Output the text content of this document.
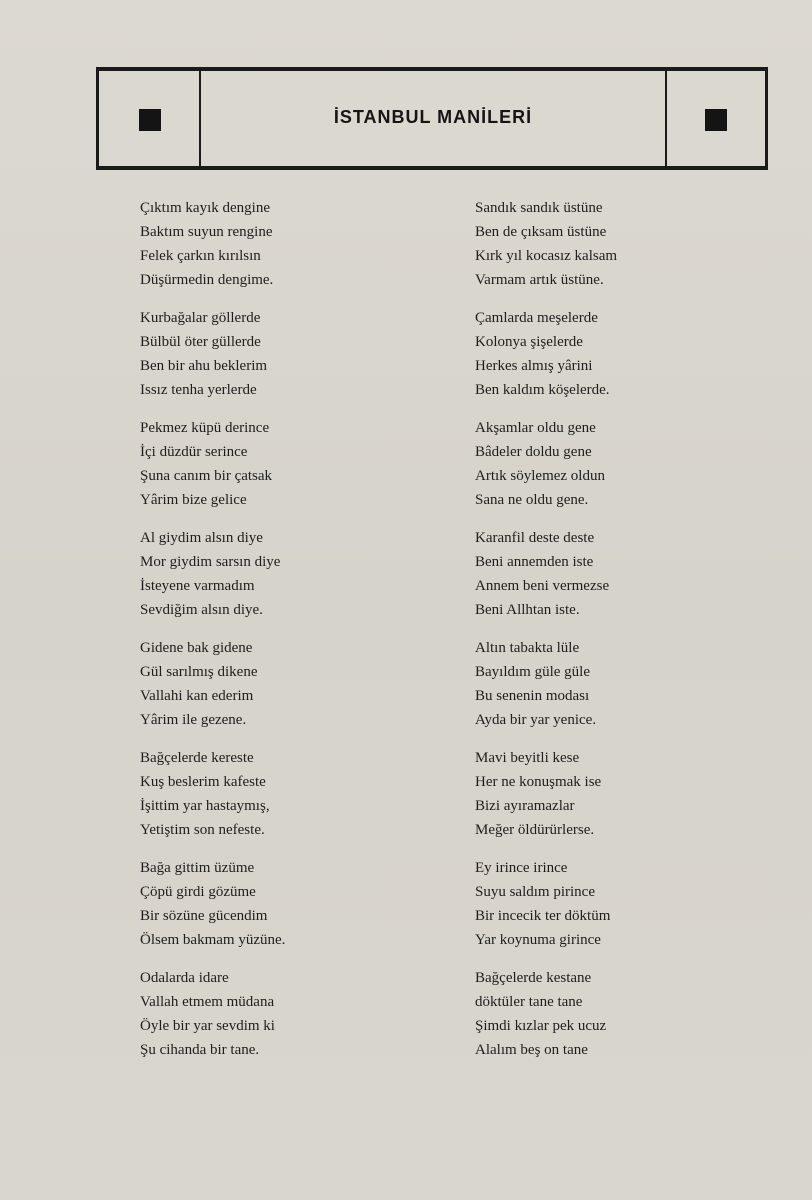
İSTANBUL MANİLERİ
Çıktım kayık dengine
Baktım suyun rengine
Felek çarkın kırılsın
Düşürmedin dengime.
Kurbağalar göllerde
Bülbül öter güllerde
Ben bir ahu beklerim
Issız tenha yerlerde
Pekmez küpü derince
İçi düzdür serince
Şuna canım bir çatsak
Yârim bize gelice
Al giydim alsın diye
Mor giydim sarsın diye
İsteyene varmadım
Sevdiğim alsın diye.
Gidene bak gidene
Gül sarılmış dikene
Vallahi kan ederim
Yârim ile gezene.
Bağçelerde kereste
Kuş beslerim kafeste
İşittim yar hastaymış,
Yetiştim son nefeste.
Bağa gittim üzüme
Çöpü girdi gözüme
Bir sözüne gücendim
Ölsem bakmam yüzüne.
Odalarda idare
Vallah etmem müdana
Öyle bir yar sevdim ki
Şu cihanda bir tane.
Sandık sandık üstüne
Ben de çıksam üstüne
Kırk yıl kocasız kalsam
Varmam artık üstüne.
Çamlarda meşelerde
Kolonya şişelerde
Herkes almış yârini
Ben kaldım köşelerde.
Akşamlar oldu gene
Bâdeler doldu gene
Artık söylemez oldun
Sana ne oldu gene.
Karanfil deste deste
Beni annemden iste
Annem beni vermezse
Beni Allhtan iste.
Altın tabakta lüle
Bayıldım güle güle
Bu senenin modası
Ayda bir yar yenice.
Mavi beyitli kese
Her ne konuşmak ise
Bizi ayıramazlar
Meğer öldürürlerse.
Ey irince irince
Suyu saldım pirince
Bir incecik ter döktüm
Yar koynuma girince
Bağçelerde kestane
döktüler tane tane
Şimdi kızlar pek ucuz
Alalım beş on tane
